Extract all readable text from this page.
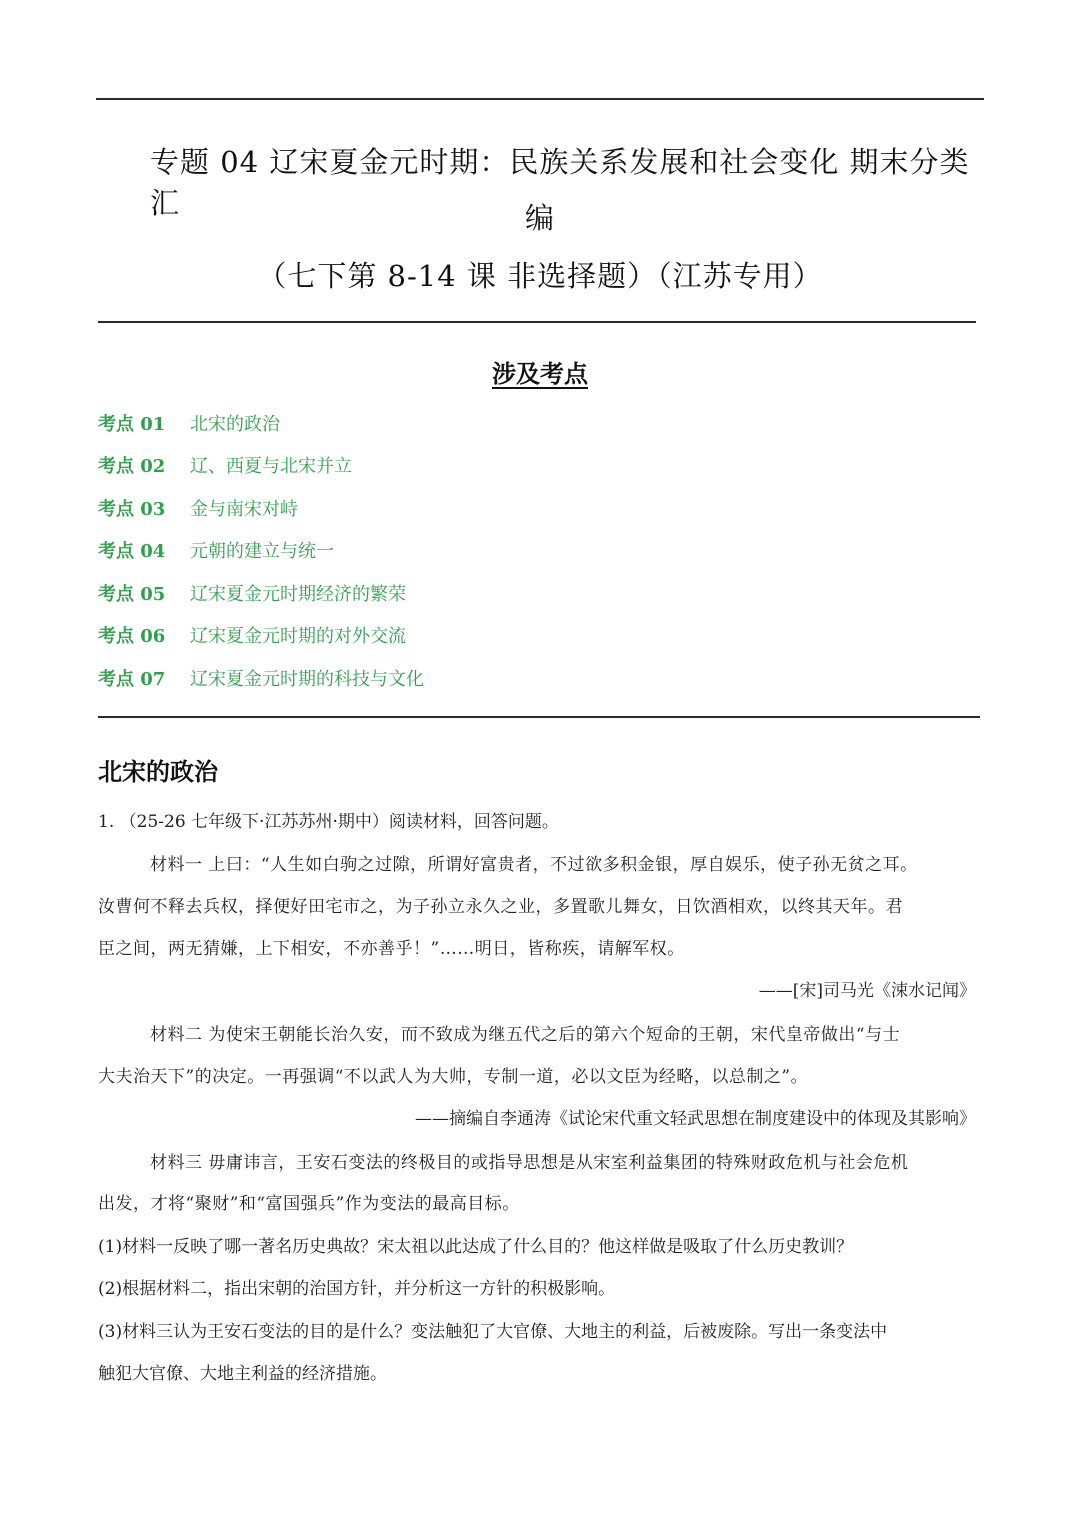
专题 04 辽宋夏金元时期：民族关系发展和社会变化 期末分类汇	编
（七下第 8-14 课 非选择题）（江苏专用）
涉及考点
考点 01 北宋的政治
考点 02 辽、西夏与北宋并立
考点 03 金与南宋对峙
考点 04 元朝的建立与统一
考点 05 辽宋夏金元时期经济的繁荣
考点 06 辽宋夏金元时期的对外交流
考点 07 辽宋夏金元时期的科技与文化
北宋的政治
1. （25-26 七年级下·江苏苏州·期中）阅读材料，回答问题。
材料一 上曰：“人生如白驹之过隙，所谓好富贵者，不过欲多积金银，厚自娱乐，使子孙无贫之耳。
汝曹何不释去兵权，择便好田宅市之，为子孙立永久之业，多置歌儿舞女，日饮酒相欢，以终其天年。君
臣之间，两无猜嫌，上下相安，不亦善乎！”……明日，皆称疾，请解军权。
——[宋]司马光《涑水记闻》
材料二 为使宋王朝能长治久安，而不致成为继五代之后的第六个短命的王朝，宋代皇帝做出“与士
大夫治天下”的决定。一再强调“不以武人为大帅，专制一道，必以文臣为经略，以总制之”。
——摘编自李通涛《试论宋代重文轻武思想在制度建设中的体现及其影响》
材料三 毋庸讳言，王安石变法的终极目的或指导思想是从宋室利益集团的特殊财政危机与社会危机
出发，才将“聚财”和“富国强兵”作为变法的最高目标。
(1)材料一反映了哪一著名历史典故？宋太祖以此达成了什么目的？他这样做是吸取了什么历史教训？
(2)根据材料二，指出宋朝的治国方针，并分析这一方针的积极影响。
(3)材料三认为王安石变法的目的是什么？变法触犯了大官僚、大地主的利益，后被废除。写出一条变法中
触犯大官僚、大地主利益的经济措施。
